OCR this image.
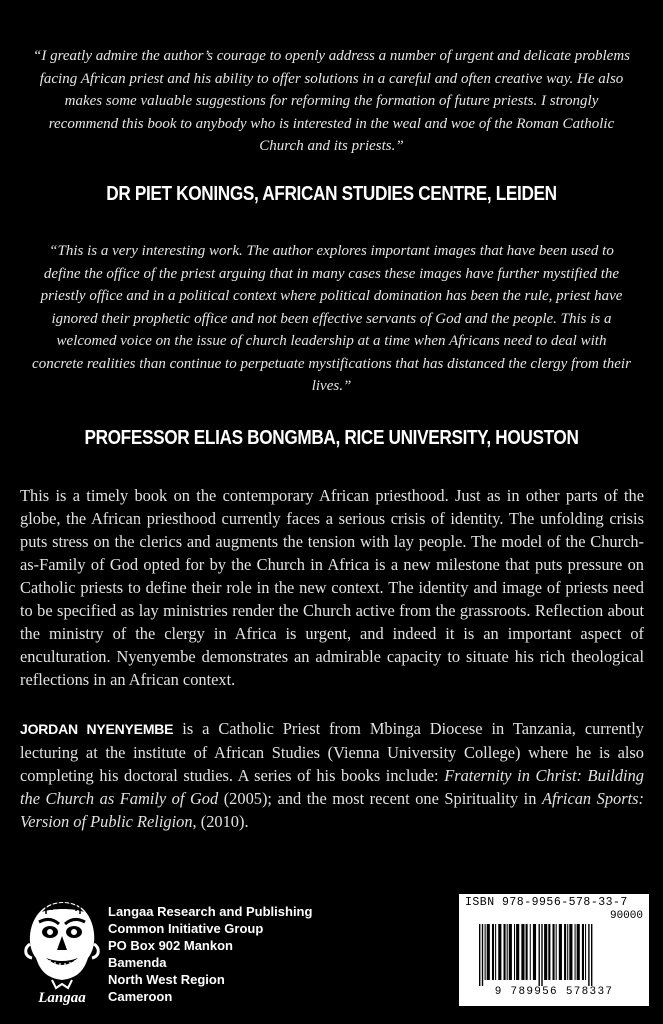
“I greatly admire the author’s courage to openly address a number of urgent and delicate problems facing African priest and his ability to offer solutions in a careful and often creative way. He also makes some valuable suggestions for reforming the formation of future priests. I strongly recommend this book to anybody who is interested in the weal and woe of the Roman Catholic Church and its priests.”
DR PIET KONINGS, AFRICAN STUDIES CENTRE, LEIDEN
“This is a very interesting work. The author explores important images that have been used to define the office of the priest arguing that in many cases these images have further mystified the priestly office and in a political context where political domination has been the rule, priest have ignored their prophetic office and not been effective servants of God and the people. This is a welcomed voice on the issue of church leadership at a time when Africans need to deal with concrete realities than continue to perpetuate mystifications that has distanced the clergy from their lives.”
PROFESSOR ELIAS BONGMBA, RICE UNIVERSITY, HOUSTON
This is a timely book on the contemporary African priesthood. Just as in other parts of the globe, the African priesthood currently faces a serious crisis of identity. The unfolding crisis puts stress on the clerics and augments the tension with lay people. The model of the Church-as-Family of God opted for by the Church in Africa is a new milestone that puts pressure on Catholic priests to define their role in the new context. The identity and image of priests need to be specified as lay ministries render the Church active from the grassroots. Reflection about the ministry of the clergy in Africa is urgent, and indeed it is an important aspect of enculturation. Nyenyembe demonstrates an admirable capacity to situate his rich theological reflections in an African context.
JORDAN NYENYEMBE is a Catholic Priest from Mbinga Diocese in Tanzania, currently lecturing at the institute of African Studies (Vienna University College) where he is also completing his doctoral studies. A series of his books include: Fraternity in Christ: Building the Church as Family of God (2005); and the most recent one Spirituality in African Sports: Version of Public Religion, (2010).
Langaa
Langaa Research and Publishing
Common Initiative Group
PO Box 902 Mankon
Bamenda
North West Region
Cameroon
ISBN 978-9956-578-33-7
90000
9 789956 578337
